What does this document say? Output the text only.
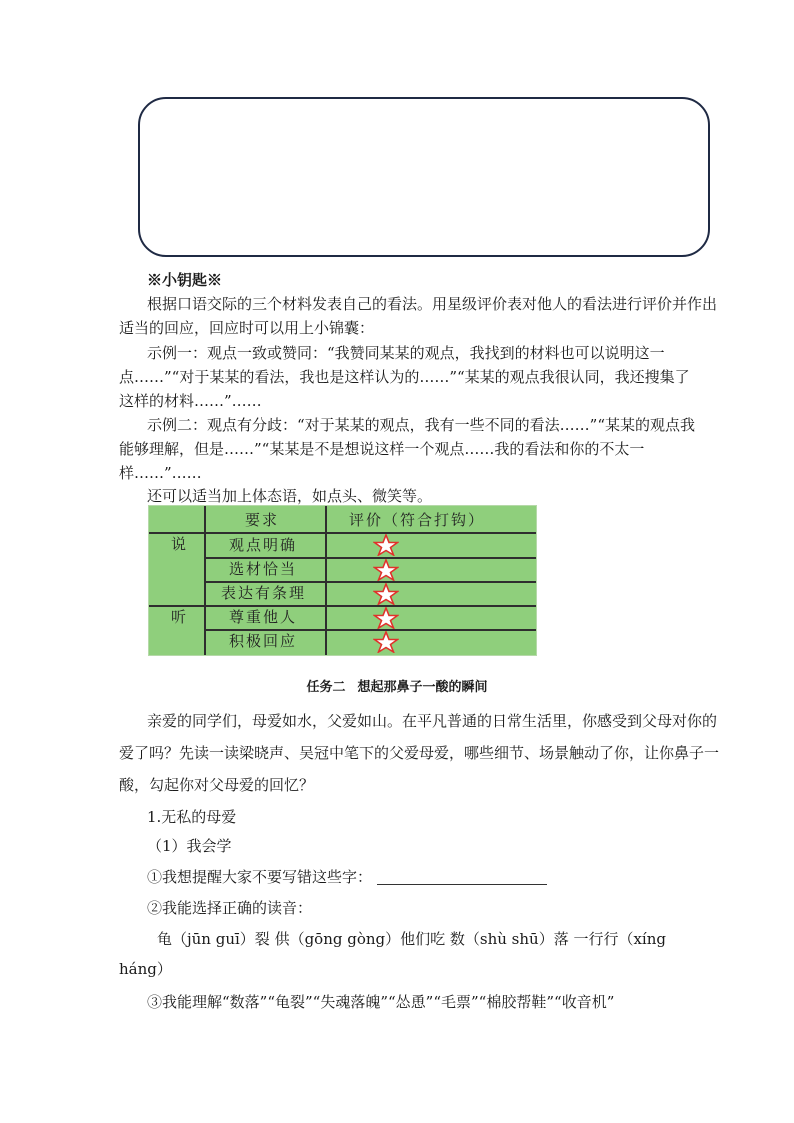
※小钥匙※
根据口语交际的三个材料发表自己的看法。用星级评价表对他人的看法进行评价并作出
适当的回应，回应时可以用上小锦囊：
示例一：观点一致或赞同：“我赞同某某的观点，我找到的材料也可以说明这一
点……”“对于某某的看法，我也是这样认为的……”“某某的观点我很认同，我还搜集了
这样的材料……”……
示例二：观点有分歧：“对于某某的观点，我有一些不同的看法……”“某某的观点我
能够理解，但是……”“某某是不是想说这样一个观点……我的看法和你的不太一
样……”……
还可以适当加上体态语，如点头、微笑等。
要求	评价（符合打钩）
说
听
观点明确
选材恰当
表达有条理
尊重他人
积极回应
任务二 想起那鼻子一酸的瞬间
亲爱的同学们，母爱如水，父爱如山。在平凡普通的日常生活里，你感受到父母对你的
爱了吗？先读一读梁晓声、吴冠中笔下的父爱母爱，哪些细节、场景触动了你，让你鼻子一
酸，勾起你对父母爱的回忆？
1.无私的母爱
（1）我会学
①我想提醒大家不要写错这些字：
②我能选择正确的读音：
龟（jūn guī）裂 供（gōng gòng）他们吃 数（shù shū）落 一行行（xíng
háng）
③我能理解“数落”“龟裂”“失魂落魄”“怂恿”“毛票”“棉胶帮鞋”“收音机”
